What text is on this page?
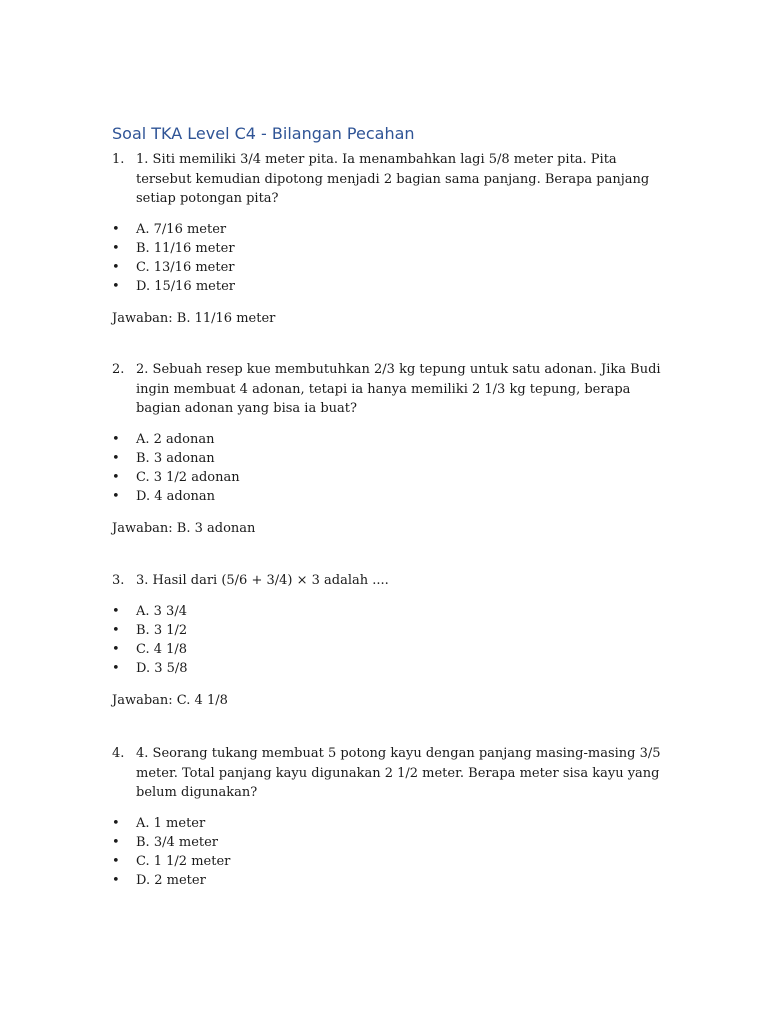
Soal TKA Level C4 - Bilangan Pecahan
1. 1. Siti memiliki 3/4 meter pita. Ia menambahkan lagi 5/8 meter pita. Pita tersebut kemudian dipotong menjadi 2 bagian sama panjang. Berapa panjang setiap potongan pita?
• A. 7/16 meter
• B. 11/16 meter
• C. 13/16 meter
• D. 15/16 meter
Jawaban: B. 11/16 meter
2. 2. Sebuah resep kue membutuhkan 2/3 kg tepung untuk satu adonan. Jika Budi ingin membuat 4 adonan, tetapi ia hanya memiliki 2 1/3 kg tepung, berapa bagian adonan yang bisa ia buat?
• A. 2 adonan
• B. 3 adonan
• C. 3 1/2 adonan
• D. 4 adonan
Jawaban: B. 3 adonan
3. 3. Hasil dari (5/6 + 3/4) × 3 adalah ....
• A. 3 3/4
• B. 3 1/2
• C. 4 1/8
• D. 3 5/8
Jawaban: C. 4 1/8
4. 4. Seorang tukang membuat 5 potong kayu dengan panjang masing-masing 3/5 meter. Total panjang kayu digunakan 2 1/2 meter. Berapa meter sisa kayu yang belum digunakan?
• A. 1 meter
• B. 3/4 meter
• C. 1 1/2 meter
• D. 2 meter
